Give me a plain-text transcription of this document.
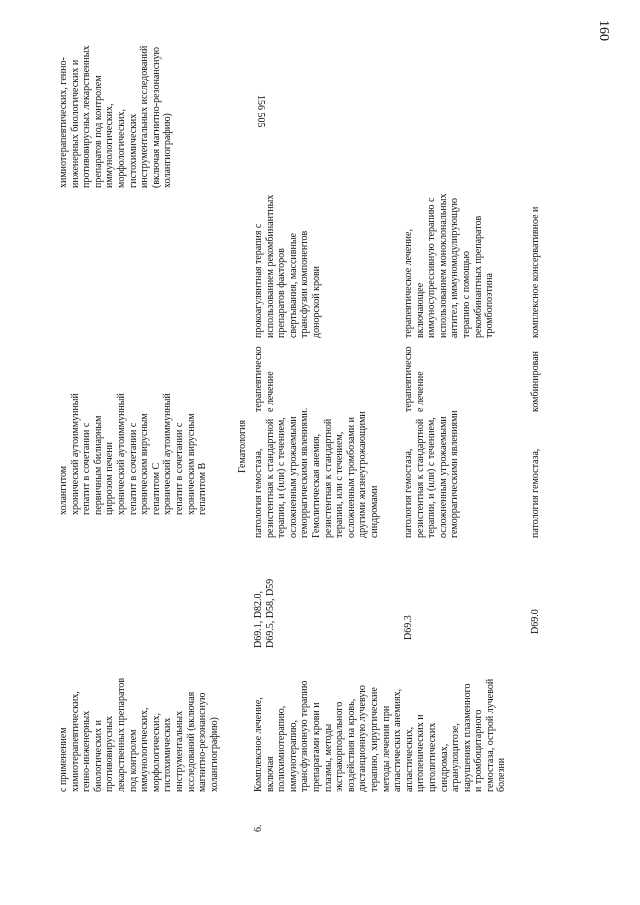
160
156 505
с применением химиотерапевтических, генно-инженерных биологических и противовирусных лекарственных препаратов под контролем иммунологических, морфологических, гистохимических инструментальных исследований (включая магнитно-резонансную холангиографию)
холангитом хронический аутоиммунный гепатит в сочетании с первичным билиарным циррозом печени хронический аутоиммунный гепатит в сочетании с хроническим вирусным гепатитом C хронический аутоиммунный гепатит в сочетании с хроническим вирусным гепатитом B
химиотерапевтических, генно- инженерных биологических и противовирусных лекарственных препаратов под контролем иммунологических, морфологических, гистохимических инструментальных исследований (включая магнитно-резонансную холангиографию)
Гематология
6.
Комплексное лечение, включая полихимиотерапию, иммунотерапию, трансфузионную терапию препаратами крови и плазмы, методы экстракорпорального воздействия на кровь, дистанционную лучевую терапию, хирургические методы лечения при апластических анемиях, апластических, цитопенических и цитолитических синдромах, агранулоцитозе, нарушениях плазменного и тромбоцитарного гемостаза, острой лучевой болезни
D69.1, D82.0, D69.5, D58, D59
патология гемостаза, резистентная к стандартной терапии, и (или) с течением, осложненным угрожаемыми геморрагическими явлениями. Гемолитическая анемия, резистентная к стандартной терапии, или с течением, осложненным тромбозами и другими жизнеугрожающими синдромами
терапевтическо е лечение
прокоагулянтная терапия с использованием рекомбинантных препаратов факторов свертывания, массивные трансфузии компонентов донорской крови
D69.3
патология гемостаза, резистентная к стандартной терапии, и (или) с течением, осложненным угрожаемыми геморрагическими явлениями
терапевтическо е лечение
терапевтическое лечение, включающее иммуносупрессивную терапию с использованием моноклональных антител, иммуномодулирующую терапию с помощью рекомбинантных препаратов тромбопоэтина
D69.0
патология гемостаза,
комбинирован
комплексное консервативное и
